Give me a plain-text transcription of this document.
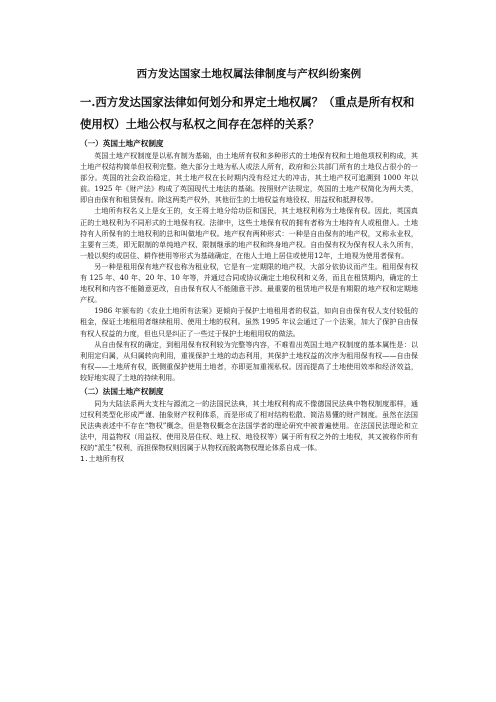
西方发达国家土地权属法律制度与产权纠纷案例
一.西方发达国家法律如何划分和界定土地权属？（重点是所有权和使用权）土地公权与私权之间存在怎样的关系？
（一）英国土地产权制度

英国土地产权制度是以私有制为基础，由土地所有权和多种形式的土地保有权和土地他项权利构成，其土地产权结构简单但权利完整。绝大部分土地为私人或法人所有，政府和公共部门所有的土地仅占很小的一部分。英国的社会政治稳定，其土地产权在长时期内没有经过大的冲击，其土地产权可追溯到 1000 年以前。1925 年《财产法》构成了英国现代土地法的基础。按照财产法规定，英国的土地产权简化为两大类，即自由保有和租赁保有。除这两类产权外，其他衍生的土地权益有地役权、用益权和抵押权等。

土地所有权名义上是女王的，女王将土地分给功臣和国民，其土地权利称为土地保有权。因此，英国真正的土地权利为不同形式的土地保有权。法律中，这些土地保有权的拥有者称为土地持有人或租借人。土地持有人所保有的土地权利的总和叫做地产权。地产权有两种形式：一种是自由保有的地产权，又称永业权，主要有三类，即无限制的单纯地产权、限制继承的地产权和终身地产权。自由保有权为保有权人永久所有，一般以契约或居住、耕作使用等形式为基础确定，在他人土地上居住或使用12年，土地视为使用者保有。

另一种是租用保有地产权也称为租业权，它是有一定期限的地产权，大部分依协议而产生。租用保有权有 125 年、40 年、20 年、10 年等，并通过合同或协议确定土地权利和义务，而且在租赁期内，确定的土地权利和内容不能随意更改，自由保有权人不能随意干涉。最重要的租赁地产权是有期限的地产权和定期地产权。

1986 年颁布的《农业土地所有法案》更倾向于保护土地租用者的权益，如向自由保有权人支付较低的租金，保证土地租用者继续租用、使用土地的权利。虽然 1995 年议会通过了一个法案，加大了保护自由保有权人权益的力度，但也只是纠正了一些过于保护土地租用权的做法。

从自由保有权的确定，到租用保有权利较为完整等内容，不难看出英国土地产权制度的基本属性是：以利用定归属，从归属转向利用，重视保护土地的动态利用，其保护土地权益的次序为租用保有权——自由保有权——土地所有权，既侧重保护使用土地者，亦即更加重视私权。因而提高了土地使用效率和经济效益，较好地实现了土地的持续利用。

（二）法国土地产权制度

同为大陆法系两大支柱与源流之一的法国民法典，其土地权利构成不像德国民法典中物权制度那样，通过权利类型化形成严谨、抽象财产权利体系，而是形成了相对结构松散、简洁易懂的财产制度。虽然在法国民法典表述中不存在“物权”概念，但是物权概念在法国学者的理论研究中被普遍使用。在法国民法理论和立法中，用益物权（用益权、使用及居住权、地上权、地役权等）属于所有权之外的土地权，其又被称作所有权的“派生”权利，而担保物权则因属于从物权而脱离物权理论体系自成一体。

1.土地所有权
